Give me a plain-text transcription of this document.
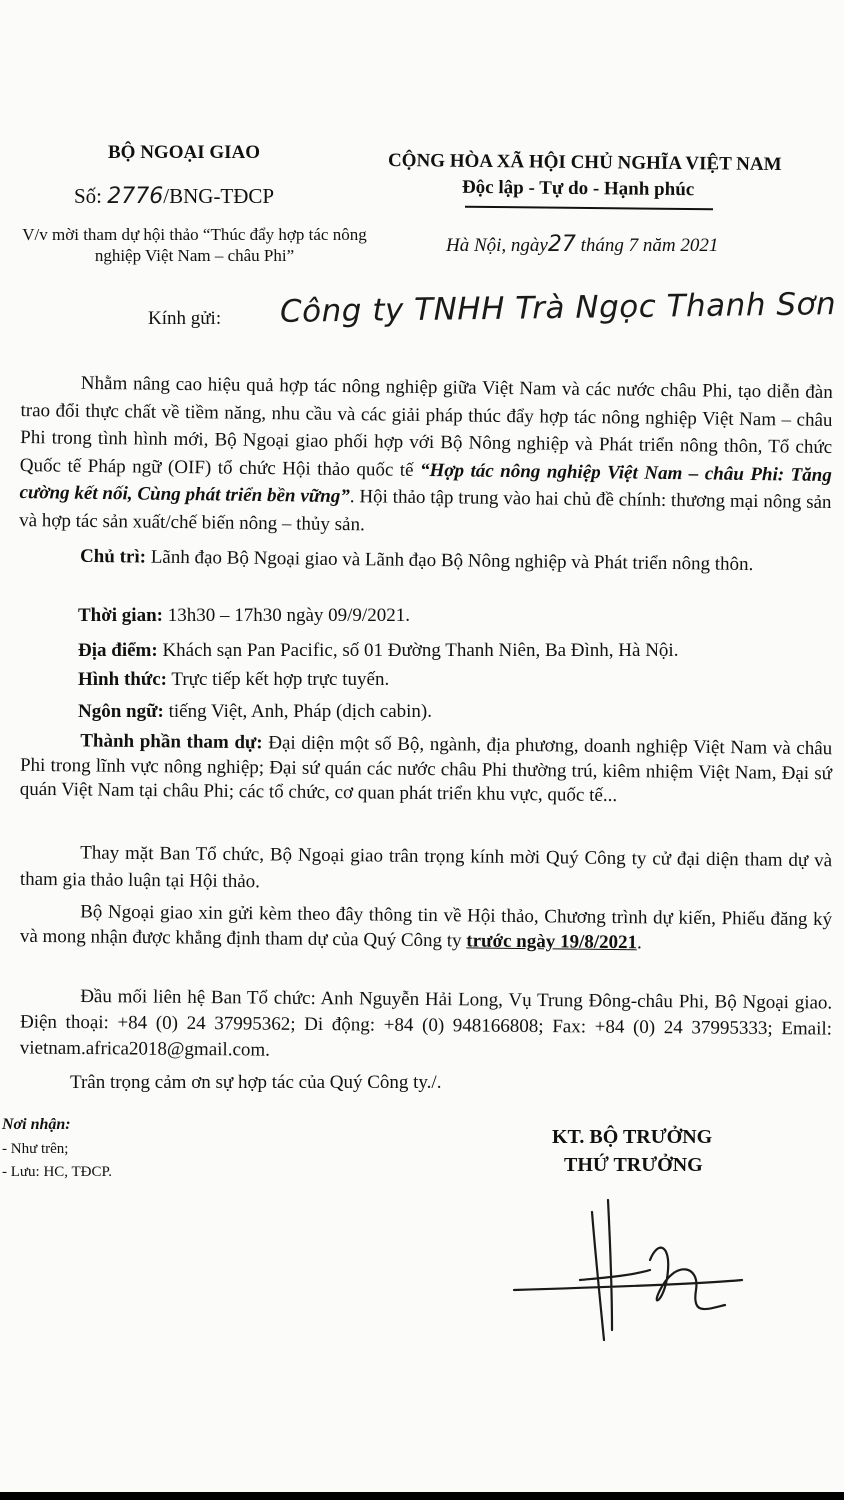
BỘ NGOẠI GIAO
Số: 2776/BNG-TĐCP
V/v mời tham dự hội thảo “Thúc đẩy hợp tác nông nghiệp Việt Nam – châu Phi”
CỘNG HÒA XÃ HỘI CHỦ NGHĨA VIỆT NAM
Độc lập - Tự do - Hạnh phúc
Hà Nội, ngày27 tháng 7 năm 2021
Kính gửi: Công ty TNHH Trà Ngọc Thanh Sơn
Nhằm nâng cao hiệu quả hợp tác nông nghiệp giữa Việt Nam và các nước châu Phi, tạo diễn đàn trao đổi thực chất về tiềm năng, nhu cầu và các giải pháp thúc đẩy hợp tác nông nghiệp Việt Nam – châu Phi trong tình hình mới, Bộ Ngoại giao phối hợp với Bộ Nông nghiệp và Phát triển nông thôn, Tổ chức Quốc tế Pháp ngữ (OIF) tổ chức Hội thảo quốc tế “Hợp tác nông nghiệp Việt Nam – châu Phi: Tăng cường kết nối, Cùng phát triển bền vững”. Hội thảo tập trung vào hai chủ đề chính: thương mại nông sản và hợp tác sản xuất/chế biến nông – thủy sản.
Chủ trì: Lãnh đạo Bộ Ngoại giao và Lãnh đạo Bộ Nông nghiệp và Phát triển nông thôn.
Thời gian: 13h30 – 17h30 ngày 09/9/2021.
Địa điểm: Khách sạn Pan Pacific, số 01 Đường Thanh Niên, Ba Đình, Hà Nội.
Hình thức: Trực tiếp kết hợp trực tuyến.
Ngôn ngữ: tiếng Việt, Anh, Pháp (dịch cabin).
Thành phần tham dự: Đại diện một số Bộ, ngành, địa phương, doanh nghiệp Việt Nam và châu Phi trong lĩnh vực nông nghiệp; Đại sứ quán các nước châu Phi thường trú, kiêm nhiệm Việt Nam, Đại sứ quán Việt Nam tại châu Phi; các tổ chức, cơ quan phát triển khu vực, quốc tế...
Thay mặt Ban Tổ chức, Bộ Ngoại giao trân trọng kính mời Quý Công ty cử đại diện tham dự và tham gia thảo luận tại Hội thảo.
Bộ Ngoại giao xin gửi kèm theo đây thông tin về Hội thảo, Chương trình dự kiến, Phiếu đăng ký và mong nhận được khẳng định tham dự của Quý Công ty trước ngày 19/8/2021.
Đầu mối liên hệ Ban Tổ chức: Anh Nguyễn Hải Long, Vụ Trung Đông-châu Phi, Bộ Ngoại giao. Điện thoại: +84 (0) 24 37995362; Di động: +84 (0) 948166808; Fax: +84 (0) 24 37995333; Email: vietnam.africa2018@gmail.com.
Trân trọng cảm ơn sự hợp tác của Quý Công ty./.
Nơi nhận:
- Như trên;
- Lưu: HC, TĐCP.
KT. BỘ TRƯỞNG
THỨ TRƯỞNG
